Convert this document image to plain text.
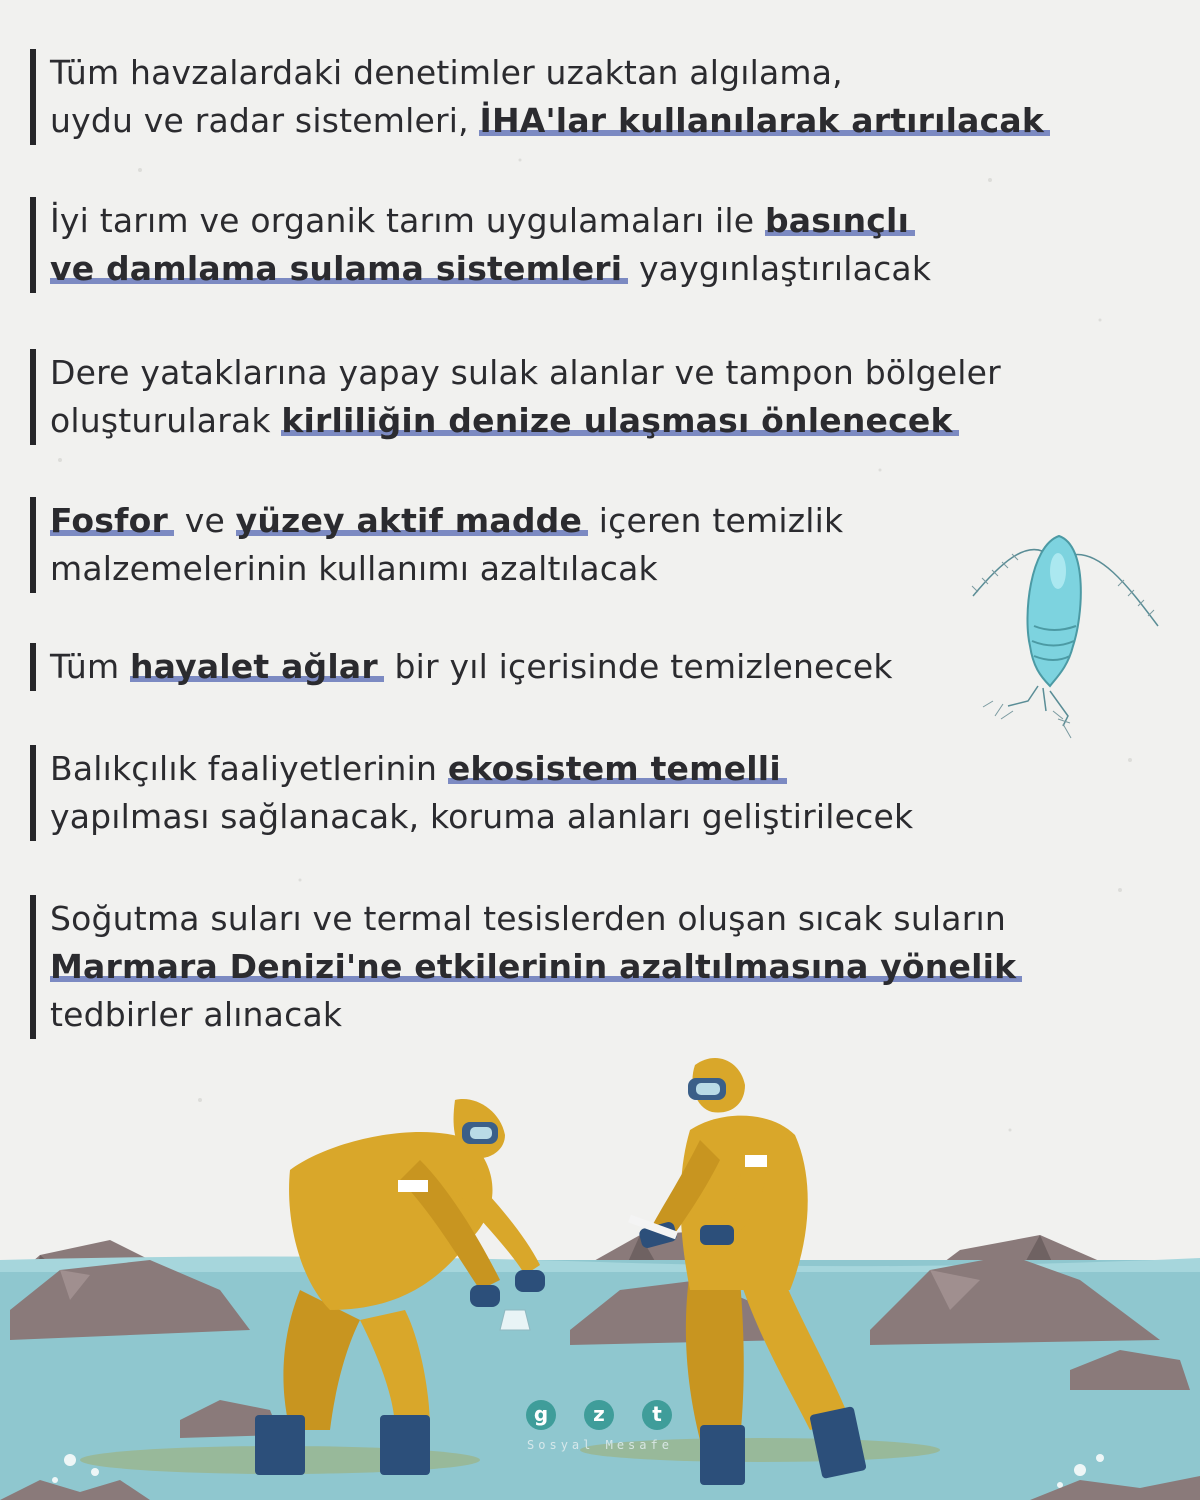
Tüm havzalardaki denetimler uzaktan algılama,
uydu ve radar sistemleri, İHA'lar kullanılarak artırılacak
İyi tarım ve organik tarım uygulamaları ile basınçlı
ve damlama sulama sistemleri yaygınlaştırılacak
Dere yataklarına yapay sulak alanlar ve tampon bölgeler
oluşturularak kirliliğin denize ulaşması önlenecek
Fosfor ve yüzey aktif madde içeren temizlik
malzemelerinin kullanımı azaltılacak
Tüm hayalet ağlar bir yıl içerisinde temizlenecek
Balıkçılık faaliyetlerinin ekosistem temelli
yapılması sağlanacak, koruma alanları geliştirilecek
Soğutma suları ve termal tesislerden oluşan sıcak suların
Marmara Denizi'ne etkilerinin azaltılmasına yönelik
tedbirler alınacak
g	z	t
Sosyal Mesafe
